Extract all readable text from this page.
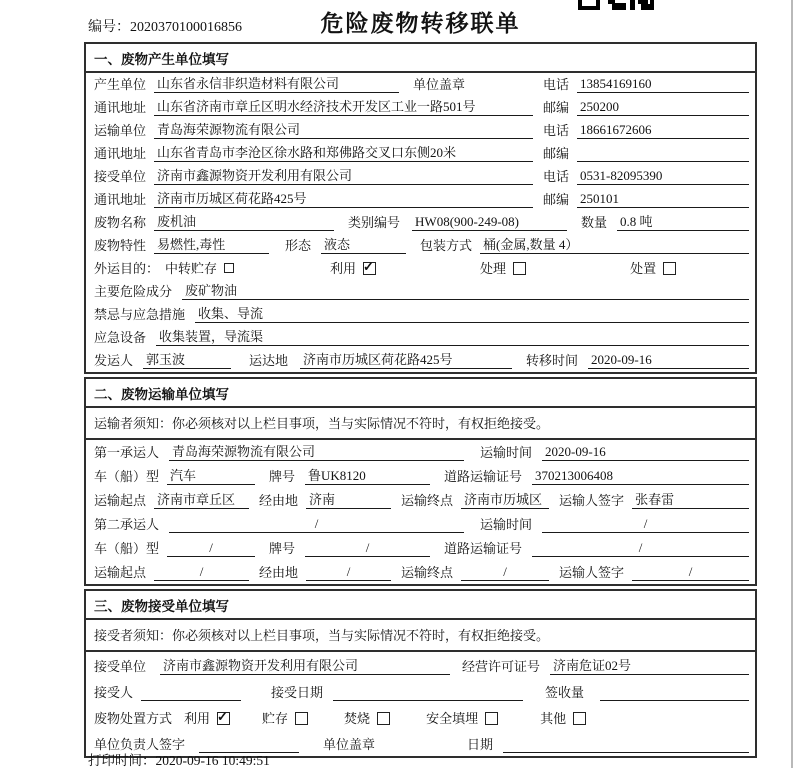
编号：2020370100016856	危险废物转移联单
一、废物产生单位填写
产生单位 山东省永信非织造材料有限公司	单位盖章	电话 13854169160
通讯地址 山东省济南市章丘区明水经济技术开发区工业一路501号	邮编 250200
运输单位 青岛海荣源物流有限公司	电话 18661672606
通讯地址 山东省青岛市李沧区徐水路和郑佛路交叉口东侧20米	邮编
接受单位 济南市鑫源物资开发利用有限公司	电话 0531-82095390
通讯地址 济南市历城区荷花路425号	邮编 250101
废物名称 废机油	类别编号 HW08(900-249-08)	数量 0.8 吨
废物特性 易燃性,毒性	形态 液态	包装方式 桶(金属,数量 4）
外运目的： 中转贮存	利用 ✓	处理	处置
主要危险成分 废矿物油
禁忌与应急措施 收集、导流
应急设备 收集装置，导流渠
发运人 郭玉波	运达地 济南市历城区荷花路425号	转移时间 2020-09-16
二、废物运输单位填写
运输者须知：你必须核对以上栏目事项，当与实际情况不符时，有权拒绝接受。
第一承运人 青岛海荣源物流有限公司	运输时间 2020-09-16
车（船）型 汽车	牌号 鲁UK8120	道路运输证号 370213006408
运输起点 济南市章丘区	经由地 济南	运输终点 济南市历城区	运输人签字 张春雷
第二承运人	/	运输时间	/
车（船）型	/	牌号	/	道路运输证号	/
运输起点	/	经由地	/	运输终点	/	运输人签字	/
三、废物接受单位填写
接受者须知：你必须核对以上栏目事项，当与实际情况不符时，有权拒绝接受。
接受单位 济南市鑫源物资开发利用有限公司	经营许可证号 济南危证02号
接受人	接受日期	签收量
废物处置方式 利用 ✓	贮存	焚烧	安全填埋	其他
单位负责人签字	单位盖章	日期
打印时间：2020-09-16 10:49:51
